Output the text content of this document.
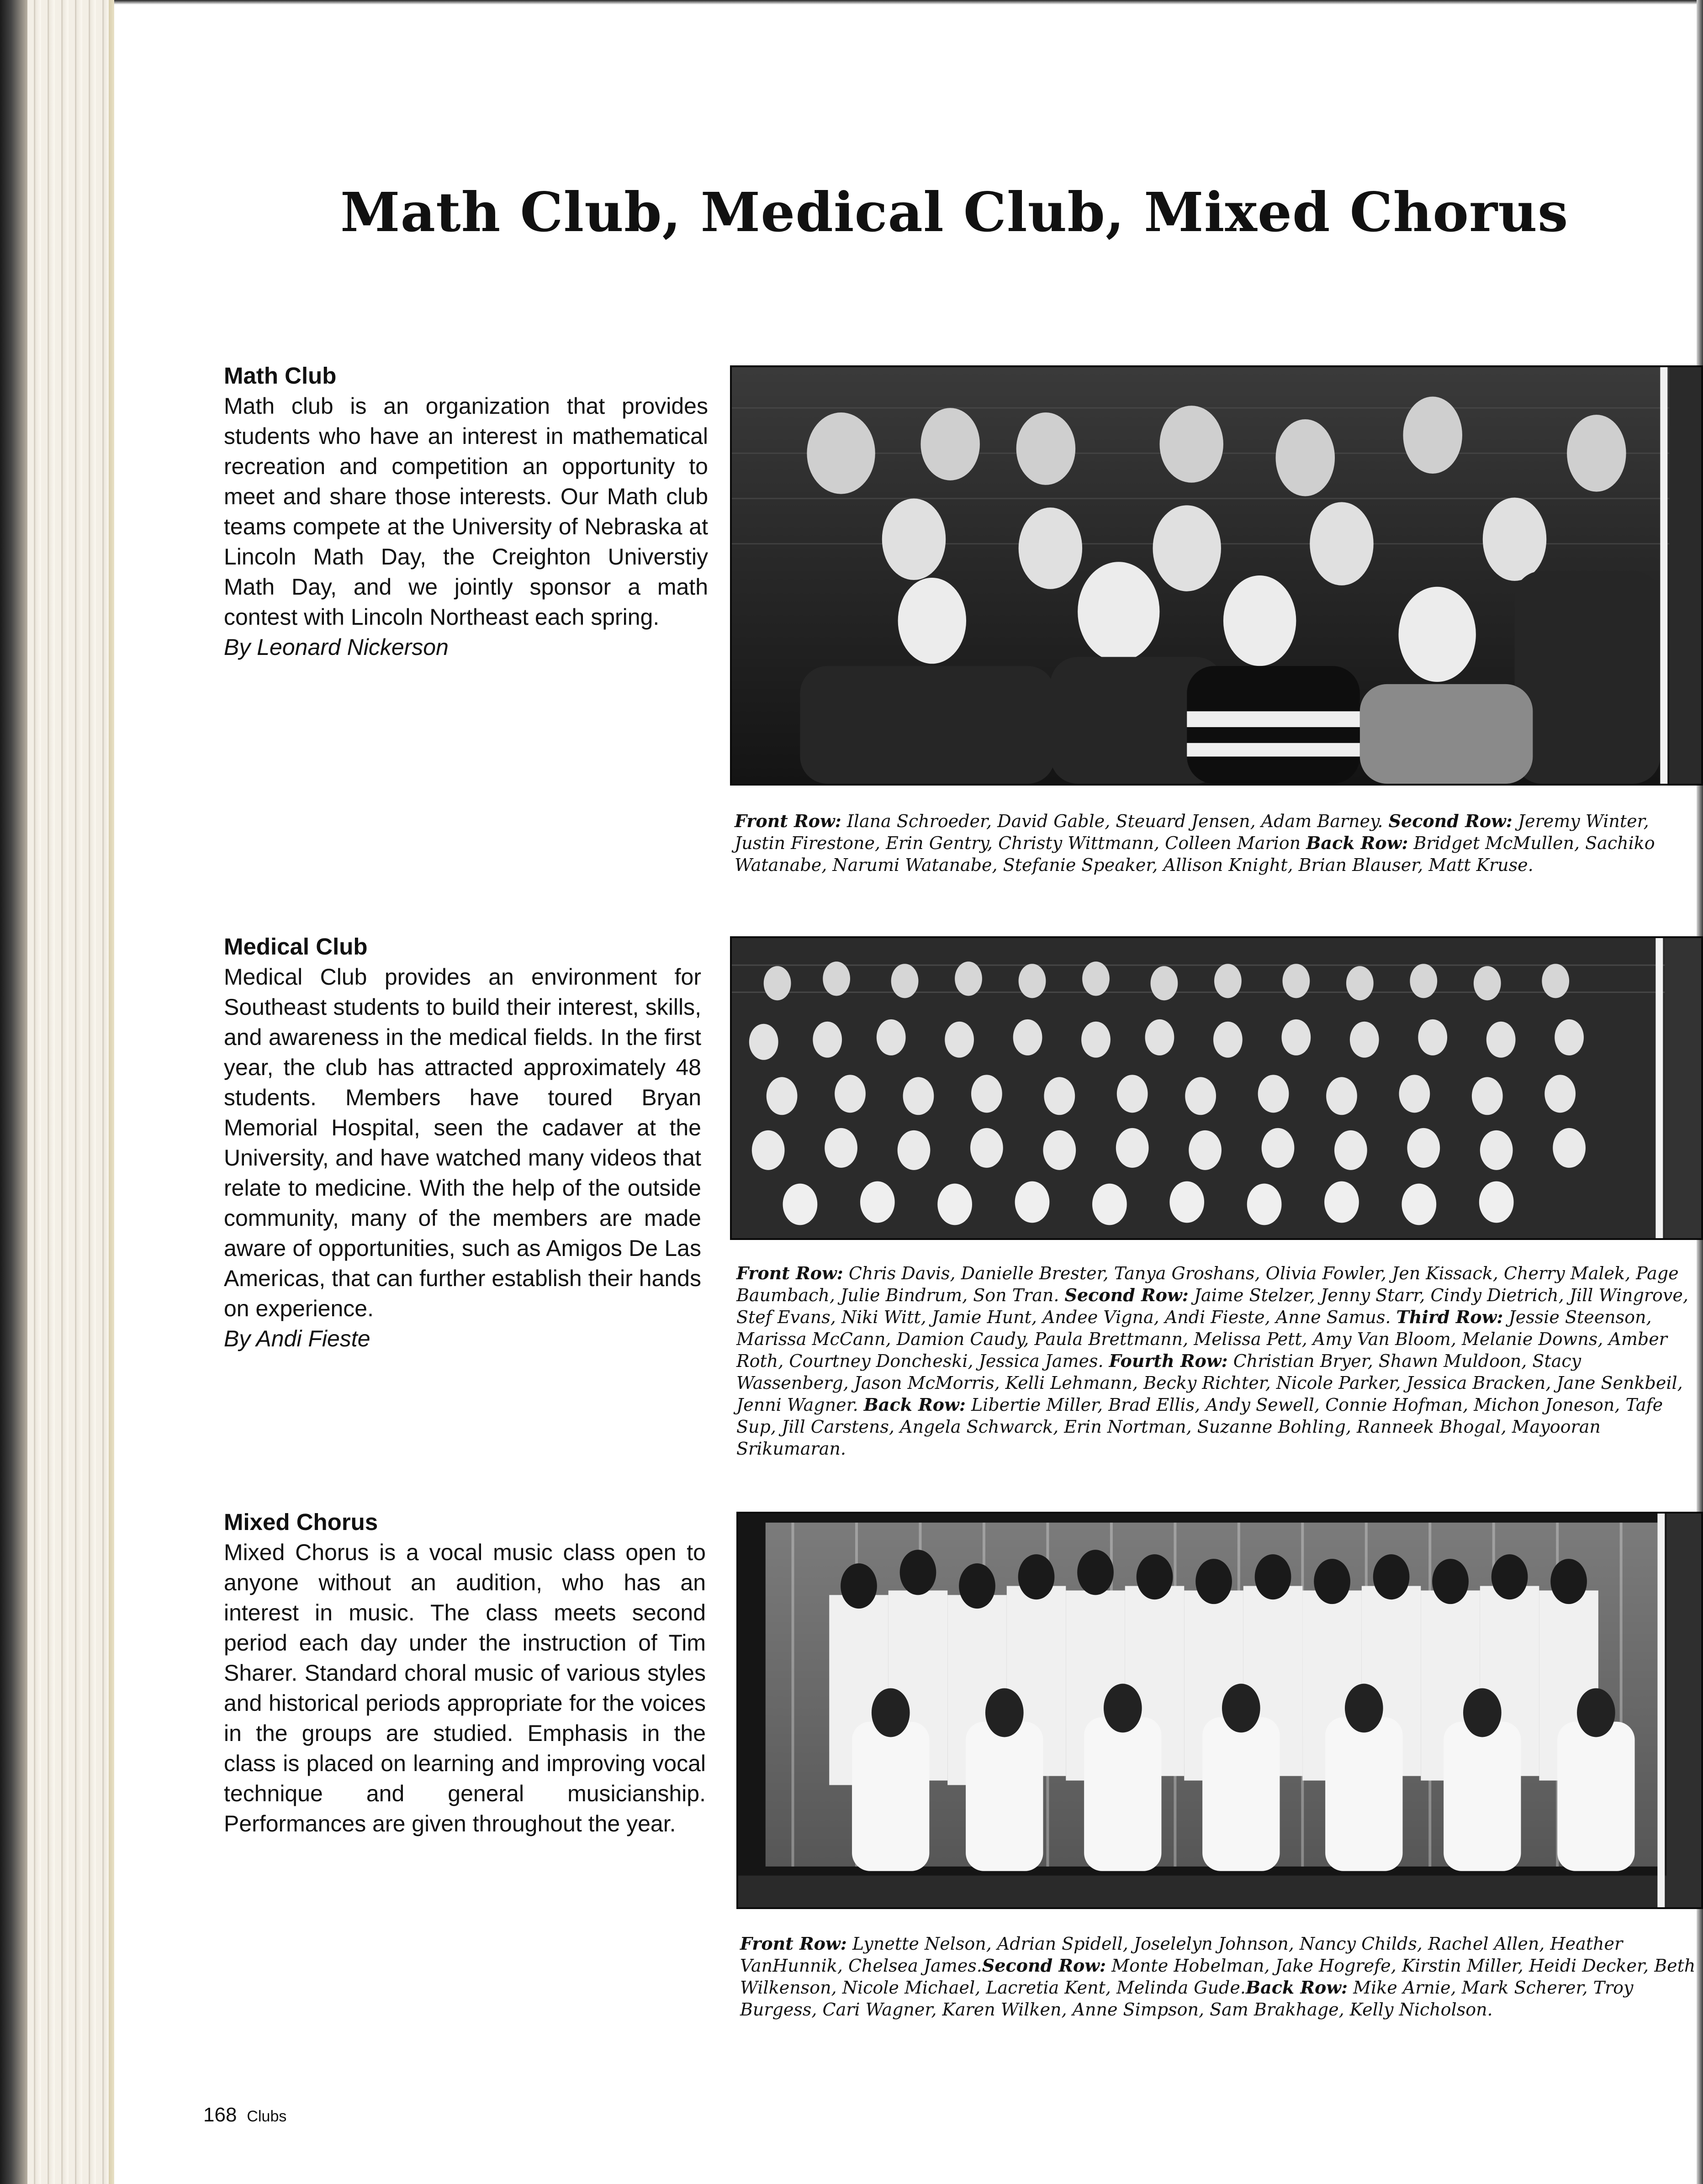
Math Club, Medical Club, Mixed Chorus

Math Club

Math club is an organization that provides students who have an interest in mathematical recreation and competition an opportunity to meet and share those interests. Our Math club teams compete at the University of Nebraska at Lincoln Math Day, the Creighton Universtiy Math Day, and we jointly sponsor a math contest with Lincoln Northeast each spring.

By Leonard Nickerson

Front Row: Ilana Schroeder, David Gable, Steuard Jensen, Adam Barney. Second Row: Jeremy Winter, Justin Firestone, Erin Gentry, Christy Wittmann, Colleen Marion Back Row: Bridget McMullen, Sachiko Watanabe, Narumi Watanabe, Stefanie Speaker, Allison Knight, Brian Blauser, Matt Kruse.

Medical Club

Medical Club provides an environment for Southeast students to build their interest, skills, and awareness in the medical fields. In the first year, the club has attracted approximately 48 students. Members have toured Bryan Memorial Hospital, seen the cadaver at the University, and have watched many videos that relate to medicine. With the help of the outside community, many of the members are made aware of opportunities, such as Amigos De Las Americas, that can further establish their hands on experience.

By Andi Fieste

Front Row: Chris Davis, Danielle Brester, Tanya Groshans, Olivia Fowler, Jen Kissack, Cherry Malek, Page Baumbach, Julie Bindrum, Son Tran. Second Row: Jaime Stelzer, Jenny Starr, Cindy Dietrich, Jill Wingrove, Stef Evans, Niki Witt, Jamie Hunt, Andee Vigna, Andi Fieste, Anne Samus. Third Row: Jessie Steenson, Marissa McCann, Damion Caudy, Paula Brettmann, Melissa Pett, Amy Van Bloom, Melanie Downs, Amber Roth, Courtney Doncheski, Jessica James. Fourth Row: Christian Bryer, Shawn Muldoon, Stacy Wassenberg, Jason McMorris, Kelli Lehmann, Becky Richter, Nicole Parker, Jessica Bracken, Jane Senkbeil, Jenni Wagner. Back Row: Libertie Miller, Brad Ellis, Andy Sewell, Connie Hofman, Michon Joneson, Tafe Sup, Jill Carstens, Angela Schwarck, Erin Nortman, Suzanne Bohling, Ranneek Bhogal, Mayooran Srikumaran.

Mixed Chorus

Mixed Chorus is a vocal music class open to anyone without an audition, who has an interest in music. The class meets second period each day under the instruction of Tim Sharer. Standard choral music of various styles and historical periods appropriate for the voices in the groups are studied. Emphasis in the class is placed on learning and improving vocal technique and general musicianship. Performances are given throughout the year.

Front Row: Lynette Nelson, Adrian Spidell, Joselelyn Johnson, Nancy Childs, Rachel Allen, Heather VanHunnik, Chelsea James.Second Row: Monte Hobelman, Jake Hogrefe, Kirstin Miller, Heidi Decker, Beth Wilkenson, Nicole Michael, Lacretia Kent, Melinda Gude.Back Row: Mike Arnie, Mark Scherer, Troy Burgess, Cari Wagner, Karen Wilken, Anne Simpson, Sam Brakhage, Kelly Nicholson.
168 Clubs
